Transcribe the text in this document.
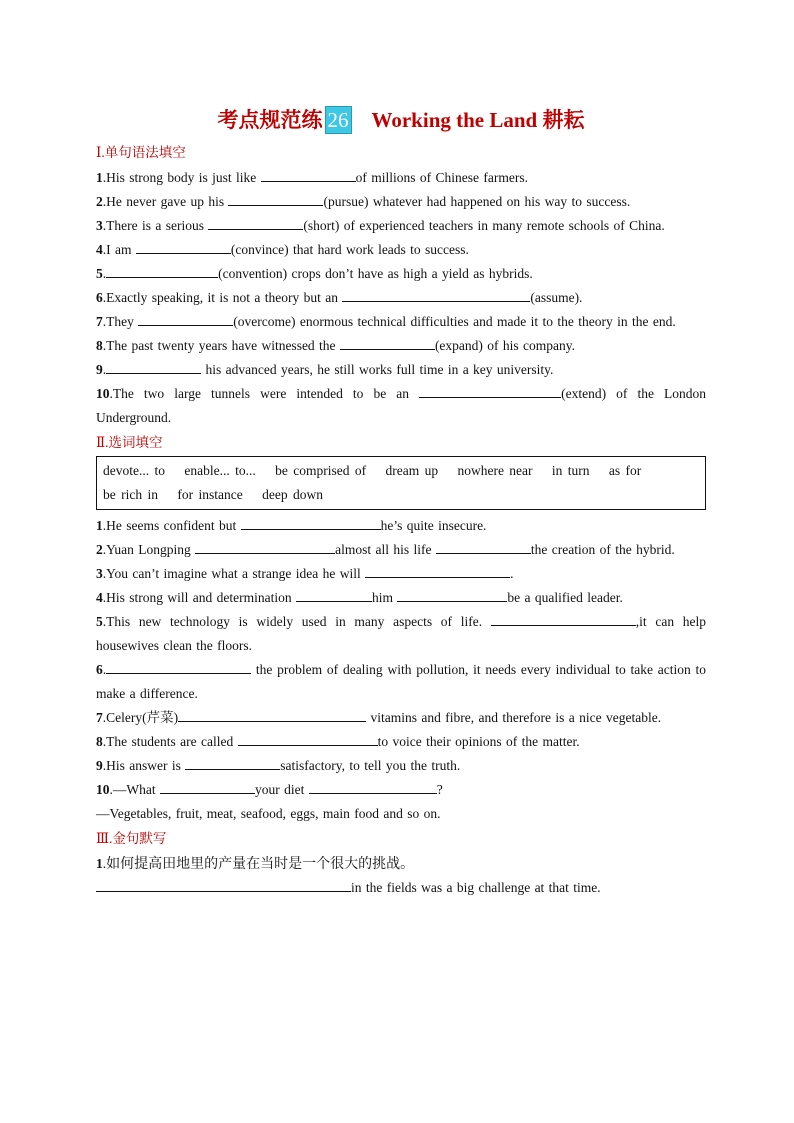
考点规范练 26 Working the Land 耕耘
Ⅰ.单句语法填空
1.His strong body is just like	of millions of Chinese farmers.
2.He never gave up his	(pursue) whatever had happened on his way to success.
3.There is a serious	(short) of experienced teachers in many remote schools of China.
4.I am	(convince) that hard work leads to success.
5.	(convention) crops don’t have as high a yield as hybrids.
6.Exactly speaking, it is not a theory but an	(assume).
7.They	(overcome) enormous technical difficulties and made it to the theory in the end.
8.The past twenty years have witnessed the	(expand) of his company.
9.	his advanced years, he still works full time in a key university.
10.The two large tunnels were intended to be an	(extend) of the London Underground.
Ⅱ.选词填空
devote... to enable... to... be comprised of dream up nowhere near in turn as for
be rich in for instance deep down
1.He seems confident but	he’s quite insecure.
2.Yuan Longping	almost all his life	the creation of the hybrid.
3.You can’t imagine what a strange idea he will	.
4.His strong will and determination	him	be a qualified leader.
5.This new technology is widely used in many aspects of life.	,it can help housewives clean the floors.
6.	the problem of dealing with pollution, it needs every individual to take action to make a difference.
7.Celery(芹菜)	vitamins and fibre, and therefore is a nice vegetable.
8.The students are called	to voice their opinions of the matter.
9.His answer is	satisfactory, to tell you the truth.
10.—What	your diet	?
—Vegetables, fruit, meat, seafood, eggs, main food and so on.
Ⅲ.金句默写
1.如何提高田地里的产量在当时是一个很大的挑战。
in the fields was a big challenge at that time.
